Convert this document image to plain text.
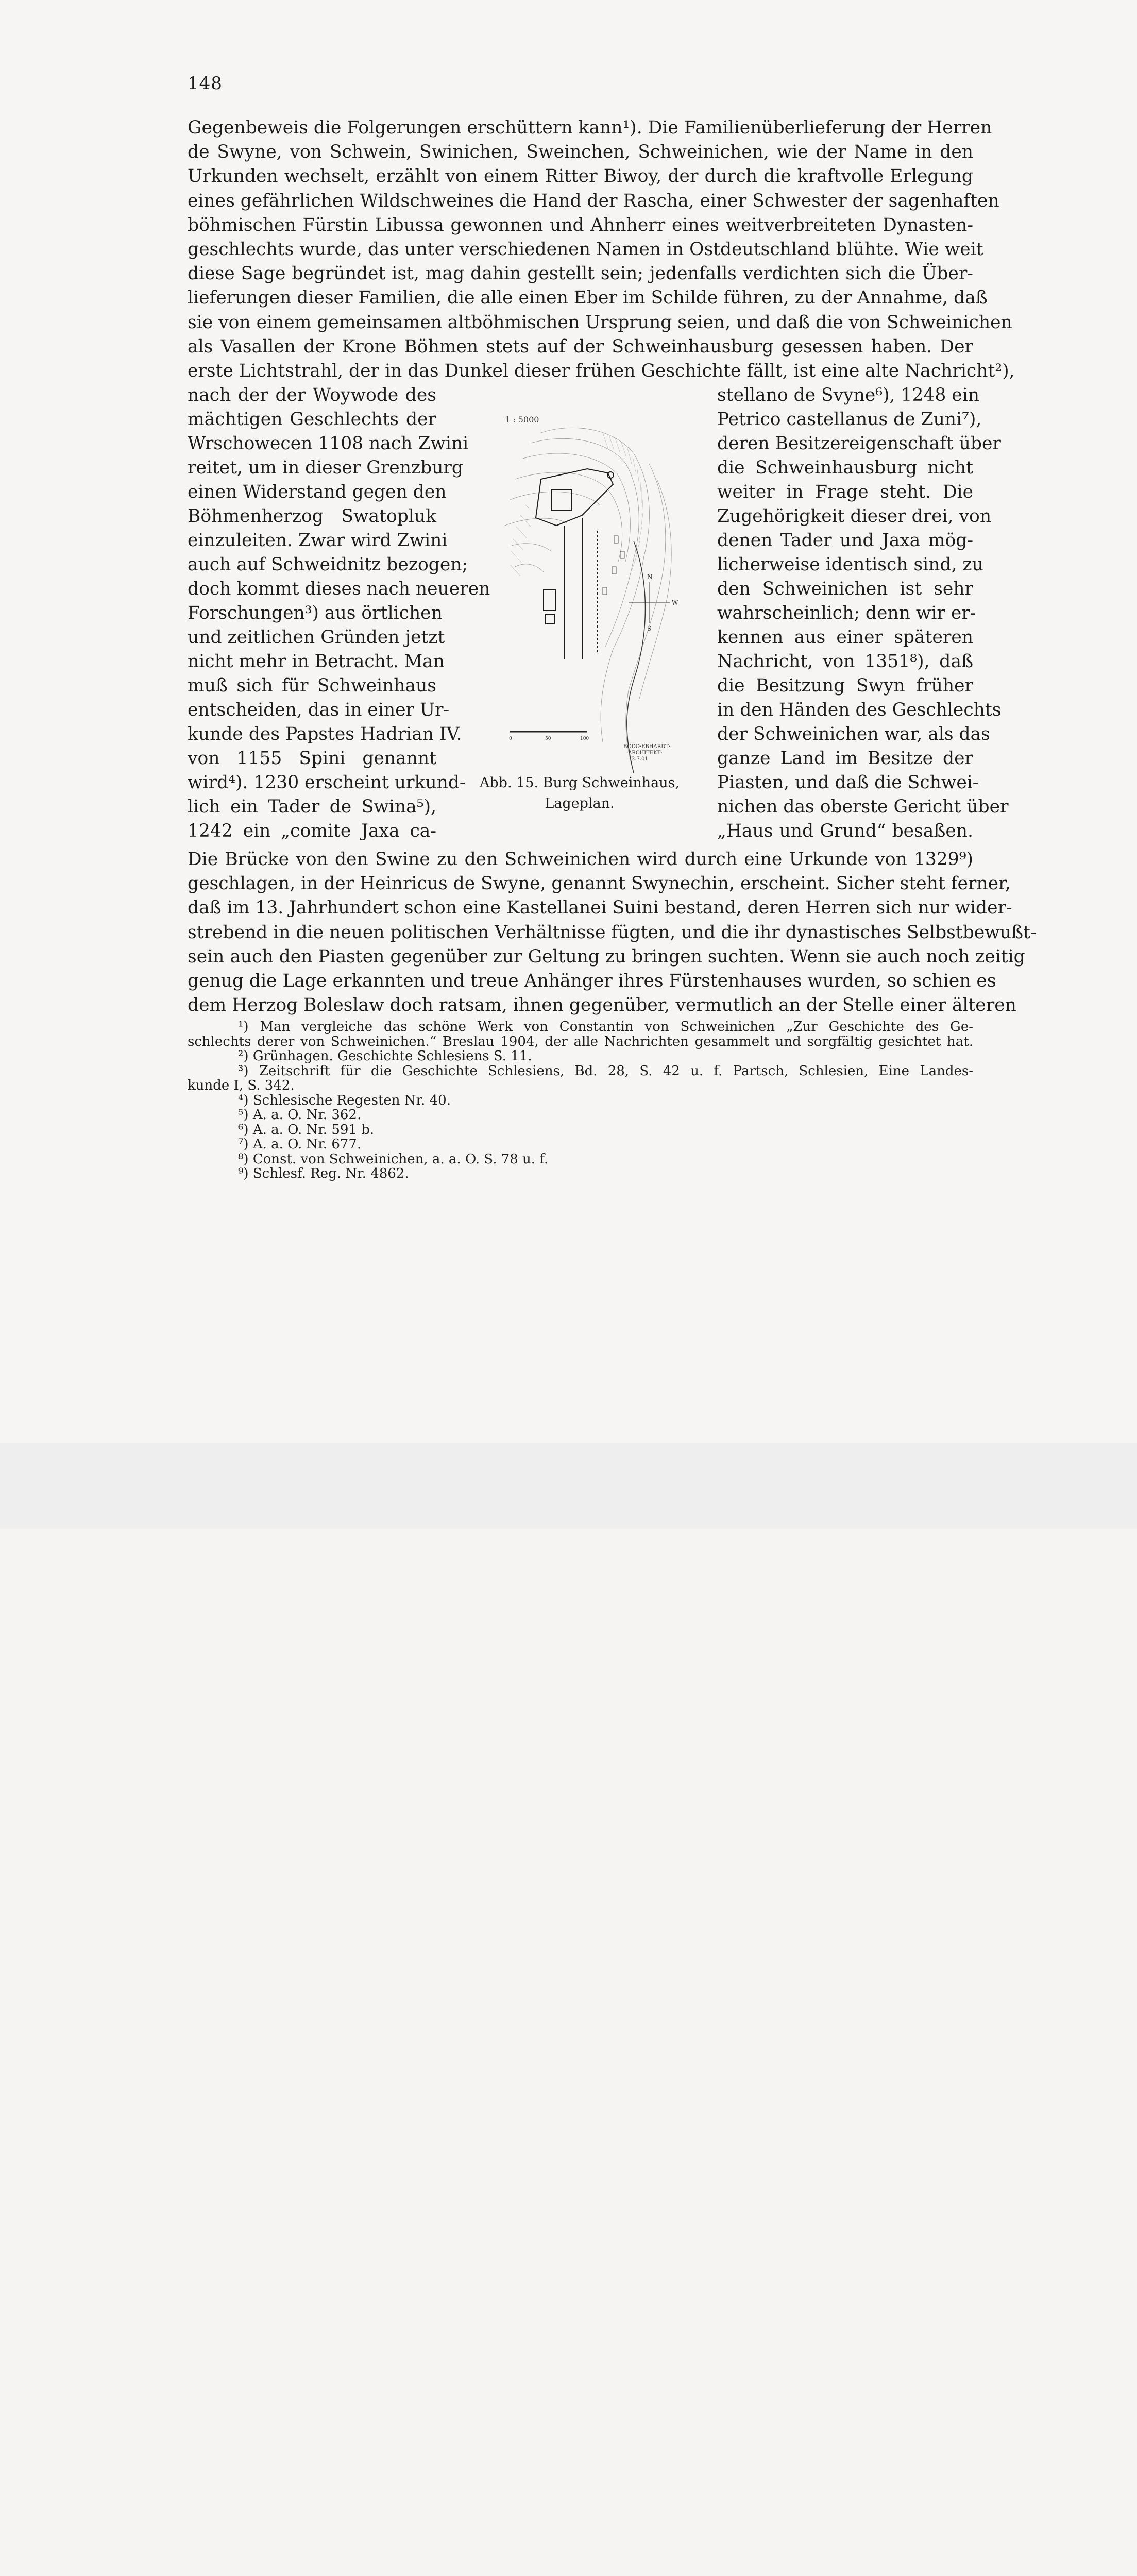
148
Gegenbeweis die Folgerungen erschüttern kann¹). Die Familienüberlieferung der Herren
de Swyne, von Schwein, Swinichen, Sweinchen, Schweinichen, wie der Name in den
Urkunden wechselt, erzählt von einem Ritter Biwoy, der durch die kraftvolle Erlegung
eines gefährlichen Wildschweines die Hand der Rascha, einer Schwester der sagenhaften
böhmischen Fürstin Libussa gewonnen und Ahnherr eines weitverbreiteten Dynasten-
geschlechts wurde, das unter verschiedenen Namen in Ostdeutschland blühte. Wie weit
diese Sage begründet ist, mag dahin gestellt sein; jedenfalls verdichten sich die Über-
lieferungen dieser Familien, die alle einen Eber im Schilde führen, zu der Annahme, daß
sie von einem gemeinsamen altböhmischen Ursprung seien, und daß die von Schweinichen
als Vasallen der Krone Böhmen stets auf der Schweinhausburg gesessen haben. Der
erste Lichtstrahl, der in das Dunkel dieser frühen Geschichte fällt, ist eine alte Nachricht²),
nach der der Woywode des
mächtigen Geschlechts der
Wrschowecen 1108 nach Zwini
reitet, um in dieser Grenzburg
einen Widerstand gegen den
Böhmenherzog Swatopluk
einzuleiten. Zwar wird Zwini
auch auf Schweidnitz bezogen;
doch kommt dieses nach neueren
Forschungen³) aus örtlichen
und zeitlichen Gründen jetzt
nicht mehr in Betracht. Man
muß sich für Schweinhaus
entscheiden, das in einer Ur-
kunde des Papstes Hadrian IV.
von 1155 Spini genannt
wird⁴). 1230 erscheint urkund-
lich ein Tader de Swina⁵),
1242 ein „comite Jaxa ca-
N
S
W
1 : 5000
0	50	100
BODO·EBHARDT·
·ARCHITEKT·
2.7.01
Abb. 15. Burg Schweinhaus,
Lageplan.
stellano de Svyne⁶), 1248 ein
Petrico castellanus de Zuni⁷),
deren Besitzereigenschaft über
die Schweinhausburg nicht
weiter in Frage steht. Die
Zugehörigkeit dieser drei, von
denen Tader und Jaxa mög-
licherweise identisch sind, zu
den Schweinichen ist sehr
wahrscheinlich; denn wir er-
kennen aus einer späteren
Nachricht, von 1351⁸), daß
die Besitzung Swyn früher
in den Händen des Geschlechts
der Schweinichen war, als das
ganze Land im Besitze der
Piasten, und daß die Schwei-
nichen das oberste Gericht über
„Haus und Grund“ besaßen.
Die Brücke von den Swine zu den Schweinichen wird durch eine Urkunde von 1329⁹)
geschlagen, in der Heinricus de Swyne, genannt Swynechin, erscheint. Sicher steht ferner,
daß im 13. Jahrhundert schon eine Kastellanei Suini bestand, deren Herren sich nur wider-
strebend in die neuen politischen Verhältnisse fügten, und die ihr dynastisches Selbstbewußt-
sein auch den Piasten gegenüber zur Geltung zu bringen suchten. Wenn sie auch noch zeitig
genug die Lage erkannten und treue Anhänger ihres Fürstenhauses wurden, so schien es
dem Herzog Boleslaw doch ratsam, ihnen gegenüber, vermutlich an der Stelle einer älteren
¹) Man vergleiche das schöne Werk von Constantin von Schweinichen „Zur Geschichte des Ge-
schlechts derer von Schweinichen.“ Breslau 1904, der alle Nachrichten gesammelt und sorgfältig gesichtet hat.
²) Grünhagen. Geschichte Schlesiens S. 11.
³) Zeitschrift für die Geschichte Schlesiens, Bd. 28, S. 42 u. f. Partsch, Schlesien, Eine Landes-
kunde I, S. 342.
⁴) Schlesische Regesten Nr. 40.
⁵) A. a. O. Nr. 362.
⁶) A. a. O. Nr. 591 b.
⁷) A. a. O. Nr. 677.
⁸) Const. von Schweinichen, a. a. O. S. 78 u. f.
⁹) Schlesf. Reg. Nr. 4862.
